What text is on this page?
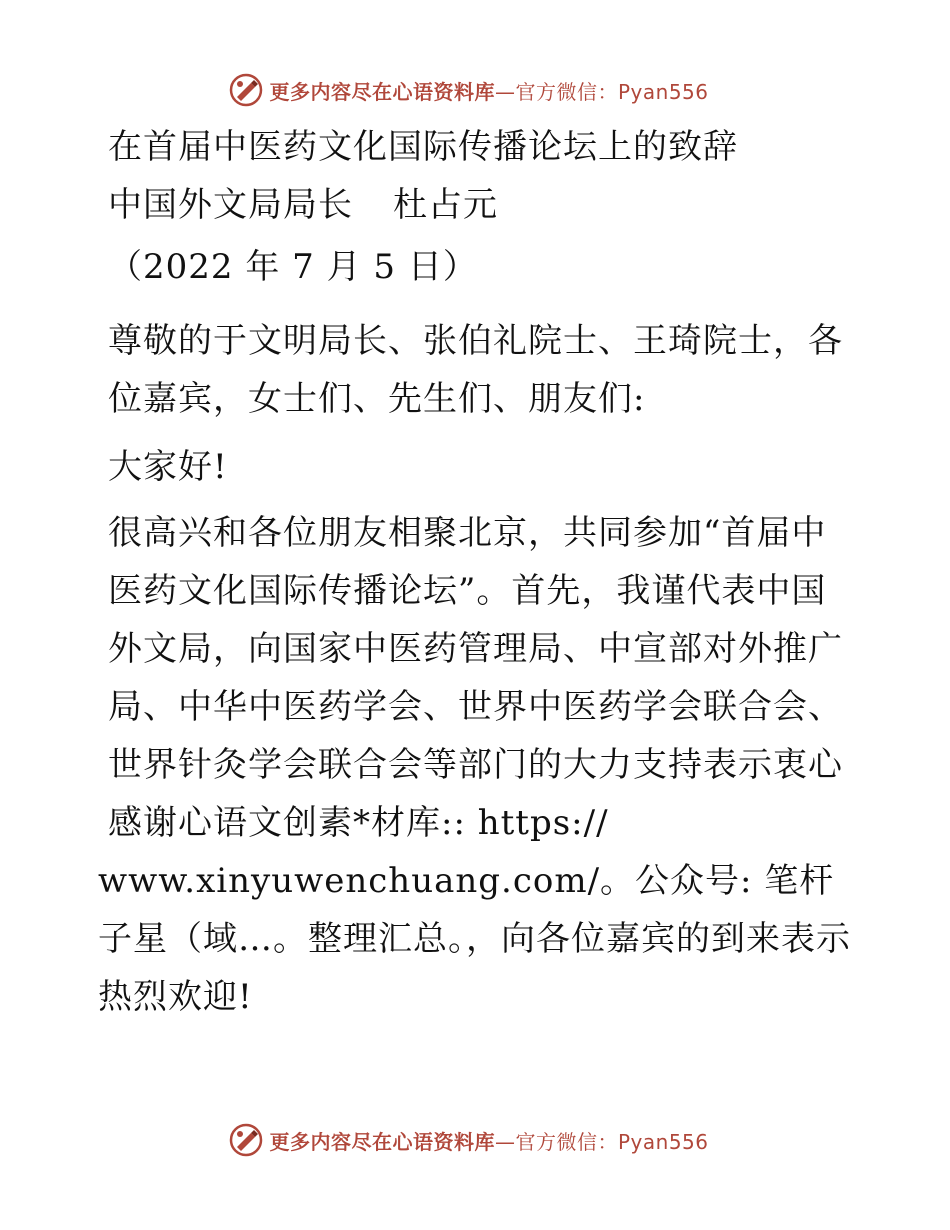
更多内容尽在心语资料库—官方微信：Pyan556

在首届中医药文化国际传播论坛上的致辞

中国外文局局长 杜占元

（2022 年 7 月 5 日）

尊敬的于文明局长、张伯礼院士、王琦院士，各位嘉宾，女士们、先生们、朋友们:

大家好!

很高兴和各位朋友相聚北京，共同参加“首届中医药文化国际传播论坛”。首先，我谨代表中国外文局，向国家中医药管理局、中宣部对外推广局、中华中医药学会、世界中医药学会联合会、世界针灸学会联合会等部门的大力支持表示衷心感谢心语文创素*材库:: https://

www.xinyuwenchuang.com/。公众号: 笔杆子星（域…。整理汇总。，向各位嘉宾的到来表示热烈欢迎!

更多内容尽在心语资料库—官方微信：Pyan556
